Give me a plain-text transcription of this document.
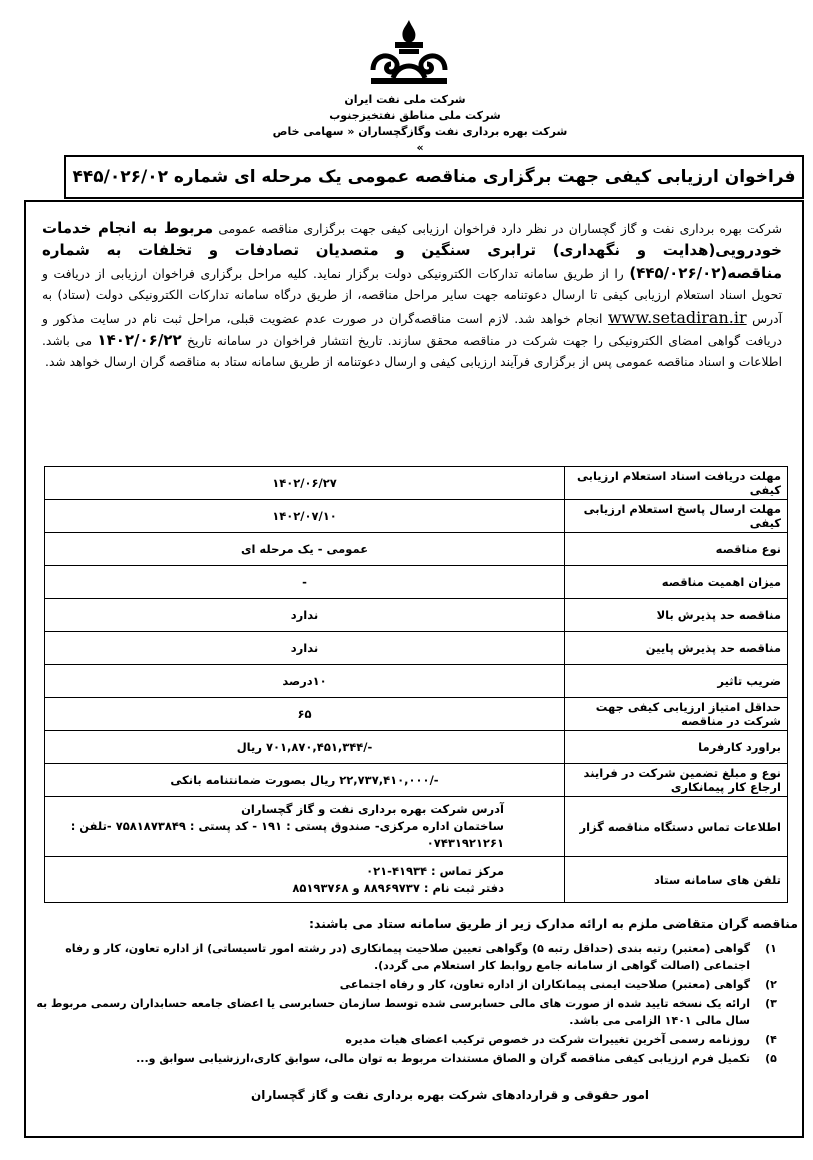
شرکت ملی نفت ایران
شرکت ملی مناطق نفتخیزجنوب
شرکت بهره برداری نفت وگازگچساران « سهامی خاص »
فراخوان ارزیابی کیفی جهت برگزاری مناقصه عمومی یک مرحله ای شماره ۴۴۵/۰۲۶/۰۲
شرکت بهره برداری نفت و گاز گچساران در نظر دارد فراخوان ارزیابی کیفی جهت برگزاری مناقصه عمومی مربوط به انجام خدمات خودرویی(هدایت و نگهداری) ترابری سنگین و متصدیان تصادفات و تخلفات به شماره مناقصه(۴۴۵/۰۲۶/۰۲) را از طریق سامانه تدارکات الکترونیکی دولت برگزار نماید. کلیه مراحل برگزاری فراخوان ارزیابی از دریافت و تحویل اسناد استعلام ارزیابی کیفی تا ارسال دعوتنامه جهت سایر مراحل مناقصه، از طریق درگاه سامانه تدارکات الکترونیکی دولت (ستاد) به آدرس www.setadiran.ir انجام خواهد شد. لازم است مناقصه‌گران در صورت عدم عضویت قبلی، مراحل ثبت نام در سایت مذکور و دریافت گواهی امضای الکترونیکی را جهت شرکت در مناقصه محقق سازند. تاریخ انتشار فراخوان در سامانه تاریخ ۱۴۰۲/۰۶/۲۲ می باشد. اطلاعات و اسناد مناقصه عمومی پس از برگزاری فرآیند ارزیابی کیفی و ارسال دعوتنامه از طریق سامانه ستاد به مناقصه گران ارسال خواهد شد.
مهلت دریافت اسناد استعلام ارزیابی کیفی	۱۴۰۲/۰۶/۲۷
مهلت ارسال پاسخ استعلام ارزیابی کیفی	۱۴۰۲/۰۷/۱۰
نوع مناقصه	عمومی - یک مرحله ای
میزان اهمیت مناقصه	-
مناقصه حد پذیرش بالا	ندارد
مناقصه حد پذیرش پایین	ندارد
ضریب تاثیر	۱۰درصد
حداقل امتیاز ارزیابی کیفی جهت شرکت در مناقصه	۶۵
براورد کارفرما	-/۷۰۱,۸۷۰,۴۵۱,۳۴۴ ریال
نوع و مبلغ تضمین شرکت در فرایند ارجاع کار پیمانکاری	-/۲۲,۷۳۷,۴۱۰,۰۰۰ ریال بصورت ضمانتنامه بانکی
اطلاعات تماس دستگاه مناقصه گزار	آدرس شرکت بهره برداری نفت و گاز گچساران
ساختمان اداره مرکزی- صندوق پستی : ۱۹۱ - کد پستی : ۷۵۸۱۸۷۳۸۴۹ -تلفن : ۰۷۴۳۱۹۲۱۲۶۱

تلفن های سامانه ستاد	مرکز تماس : ۴۱۹۳۴-۰۲۱
دفتر ثبت نام : ۸۸۹۶۹۷۳۷ و ۸۵۱۹۳۷۶۸
مناقصه گران متقاضی ملزم به ارائه مدارک زیر از طریق سامانه ستاد می باشند:
۱)
گواهی (معتبر) رتبه بندی (حداقل رتبه ۵) وگواهی تعیین صلاحیت پیمانکاری (در رشته امور تاسیساتی) از اداره تعاون، کار و رفاه اجتماعی (اصالت گواهی از سامانه جامع روابط کار استعلام می گردد).
۲)
گواهی (معتبر) صلاحیت ایمنی پیمانکاران از اداره تعاون، کار و رفاه اجتماعی
۳)
ارائه یک نسخه تایید شده از صورت های مالی حسابرسی شده توسط سازمان حسابرسی یا اعضای جامعه حسابداران رسمی مربوط به سال مالی ۱۴۰۱ الزامی می باشد.
۴)
روزنامه رسمی آخرین تغییرات شرکت در خصوص ترکیب اعضای هیات مدیره
۵)
تکمیل فرم ارزیابی کیفی مناقصه گران و الصاق مستندات مربوط به توان مالی، سوابق کاری،ارزشیابی سوابق و...
امور حقوقی و قراردادهای شرکت بهره برداری نفت و گاز گچساران
